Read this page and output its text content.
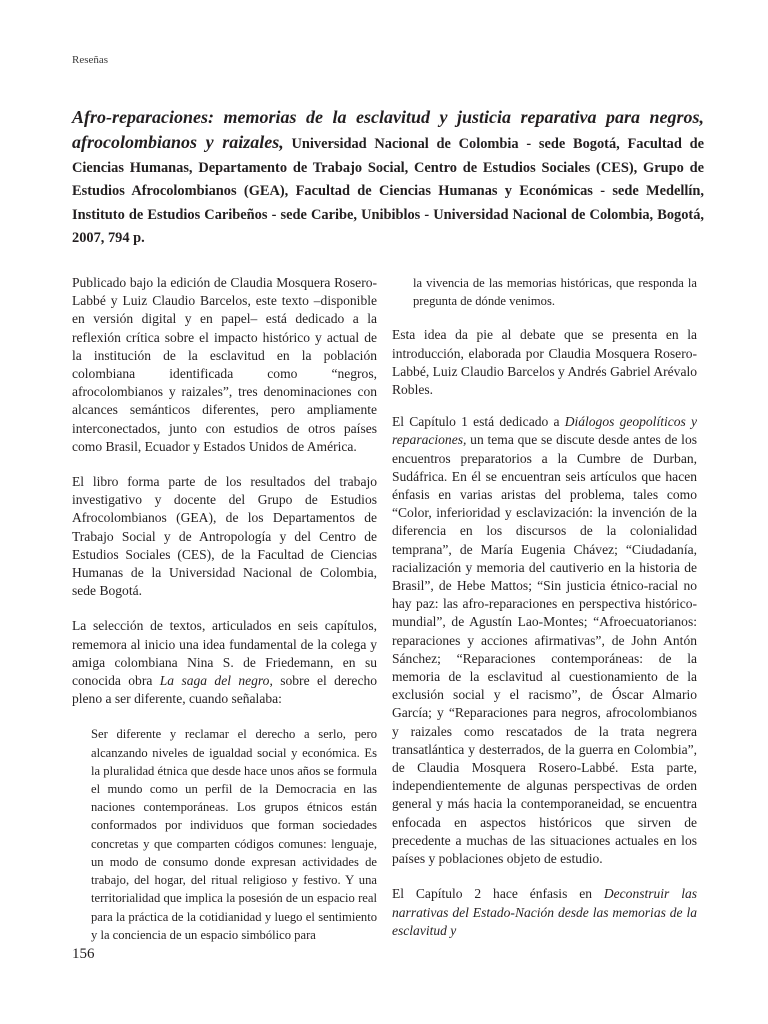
Reseñas
Afro-reparaciones: memorias de la esclavitud y justicia reparativa para negros, afrocolombianos y raizales, Universidad Nacional de Colombia - sede Bogotá, Facultad de Ciencias Humanas, Departamento de Trabajo Social, Centro de Estudios Sociales (CES), Grupo de Estudios Afrocolombianos (GEA), Facultad de Ciencias Humanas y Económicas - sede Medellín, Instituto de Estudios Caribeños - sede Caribe, Unibiblos - Universidad Nacional de Colombia, Bogotá, 2007, 794 p.

Publicado bajo la edición de Claudia Mosquera Rosero-Labbé y Luiz Claudio Barcelos, este texto –disponible en versión digital y en papel– está dedicado a la reflexión crítica sobre el impacto histórico y actual de la institución de la esclavitud en la población colombiana identificada como “negros, afrocolombianos y raizales”, tres denominaciones con alcances semánticos diferentes, pero ampliamente interconectados, junto con estudios de otros países como Brasil, Ecuador y Estados Unidos de América.

El libro forma parte de los resultados del trabajo investigativo y docente del Grupo de Estudios Afrocolombianos (GEA), de los Departamentos de Trabajo Social y de Antropología y del Centro de Estudios Sociales (CES), de la Facultad de Ciencias Humanas de la Universidad Nacional de Colombia, sede Bogotá.

La selección de textos, articulados en seis capítulos, rememora al inicio una idea fundamental de la colega y amiga colombiana Nina S. de Friedemann, en su conocida obra La saga del negro, sobre el derecho pleno a ser diferente, cuando señalaba:

Ser diferente y reclamar el derecho a serlo, pero alcanzando niveles de igualdad social y económica. Es la pluralidad étnica que desde hace unos años se formula el mundo como un perfil de la Democracia en las naciones contemporáneas. Los grupos étnicos están conformados por individuos que forman sociedades concretas y que comparten códigos comunes: lenguaje, un modo de consumo donde expresan actividades de trabajo, del hogar, del ritual religioso y festivo. Y una territorialidad que implica la posesión de un espacio real para la práctica de la cotidianidad y luego el sentimiento y la conciencia de un espacio simbólico para

la vivencia de las memorias históricas, que responda la pregunta de dónde venimos.

Esta idea da pie al debate que se presenta en la introducción, elaborada por Claudia Mosquera Rosero-Labbé, Luiz Claudio Barcelos y Andrés Gabriel Arévalo Robles.

El Capítulo 1 está dedicado a Diálogos geopolíticos y reparaciones, un tema que se discute desde antes de los encuentros preparatorios a la Cumbre de Durban, Sudáfrica. En él se encuentran seis artículos que hacen énfasis en varias aristas del problema, tales como “Color, inferioridad y esclavización: la invención de la diferencia en los discursos de la colonialidad temprana”, de María Eugenia Chávez; “Ciudadanía, racialización y memoria del cautiverio en la historia de Brasil”, de Hebe Mattos; “Sin justicia étnico-racial no hay paz: las afro-reparaciones en perspectiva histórico-mundial”, de Agustín Lao-Montes; “Afroecuatorianos: reparaciones y acciones afirmativas”, de John Antón Sánchez; “Reparaciones contemporáneas: de la memoria de la esclavitud al cuestionamiento de la exclusión social y el racismo”, de Óscar Almario García; y “Reparaciones para negros, afrocolombianos y raizales como rescatados de la trata negrera transatlántica y desterrados, de la guerra en Colombia”, de Claudia Mosquera Rosero-Labbé. Esta parte, independientemente de algunas perspectivas de orden general y más hacia la contemporaneidad, se encuentra enfocada en aspectos históricos que sirven de precedente a muchas de las situaciones actuales en los países y poblaciones objeto de estudio.

El Capítulo 2 hace énfasis en Deconstruir las narrativas del Estado-Nación desde las memorias de la esclavitud y

156
